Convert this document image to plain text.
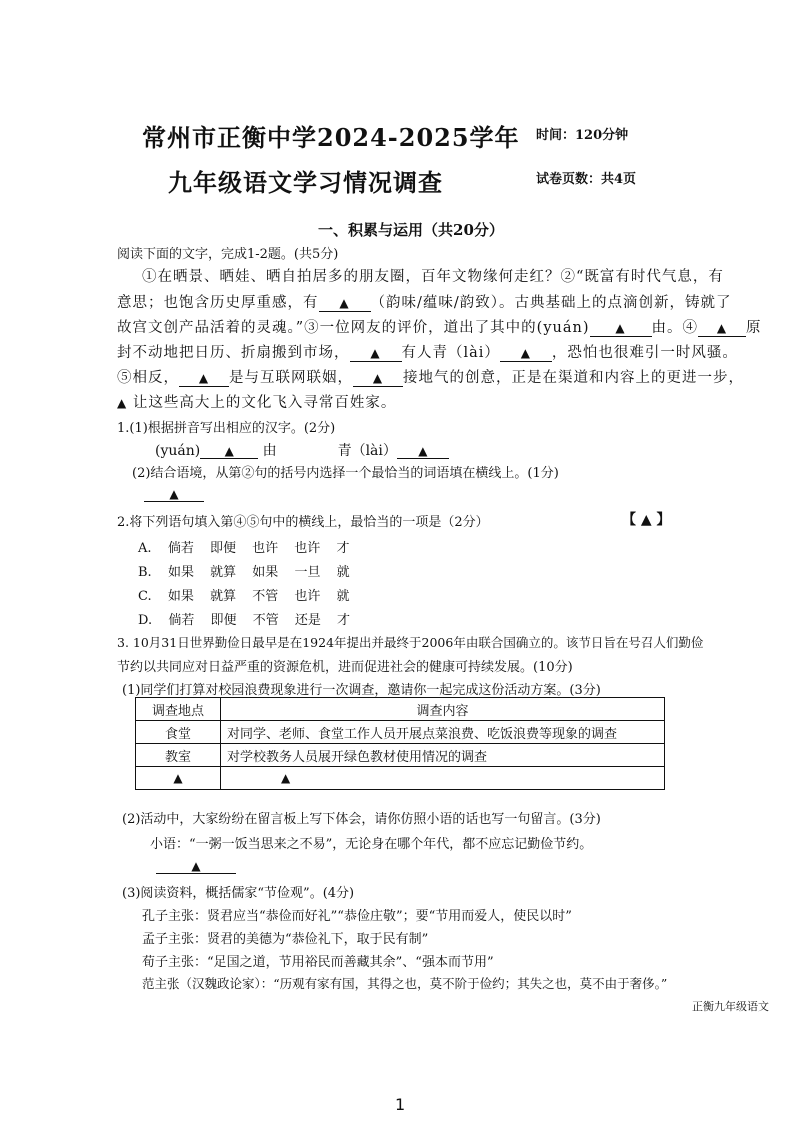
常州市正衡中学2024-2025学年
九年级语文学习情况调查
时间：120分钟
试卷页数：共4页
一、积累与运用（共20分）
阅读下面的文字，完成1-2题。(共5分)
①在晒景、晒娃、晒自拍居多的朋友圈，百年文物缘何走红？②“既富有时代气息，有
意思；也饱含历史厚重感，有 ▲ （韵味/蕴味/韵致）。古典基础上的点滴创新，铸就了
故宫文创产品活着的灵魂。”③一位网友的评价，道出了其中的(yuán) ▲ 由。④ ▲ 原
封不动地把日历、折扇搬到市场， ▲ 有人青（lài） ▲ ，恐怕也很难引一时风骚。
⑤相反， ▲ 是与互联网联姻， ▲ 接地气的创意，正是在渠道和内容上的更进一步，
▲ 让这些高大上的文化飞入寻常百姓家。
1.(1)根据拼音写出相应的汉字。(2分)
(yuán) ▲ 由	青（lài） ▲
(2)结合语境，从第②句的括号内选择一个最恰当的词语填在横线上。(1分)
▲
2.将下列语句填入第④⑤句中的横线上，最恰当的一项是（2分）	【 ▲ 】
A. 倘若 即便 也许 也许 才
B. 如果 就算 如果 一旦 就
C. 如果 就算 不管 也许 就
D. 倘若 即便 不管 还是 才
3. 10月31日世界勤俭日最早是在1924年提出并最终于2006年由联合国确立的。该节日旨在号召人们勤俭
节约以共同应对日益严重的资源危机，进而促进社会的健康可持续发展。(10分)
(1)同学们打算对校园浪费现象进行一次调查，邀请你一起完成这份活动方案。(3分)
调查地点	调查内容
食堂	对同学、老师、食堂工作人员开展点菜浪费、吃饭浪费等现象的调查
教室	对学校教务人员展开绿色教材使用情况的调查
▲	▲
(2)活动中，大家纷纷在留言板上写下体会，请你仿照小语的话也写一句留言。(3分)
小语：“一粥一饭当思来之不易”，无论身在哪个年代，都不应忘记勤俭节约。
▲
(3)阅读资料，概括儒家“节俭观”。(4分)
孔子主张：贤君应当“恭俭而好礼”“恭俭庄敬”；要“节用而爱人，使民以时”
孟子主张：贤君的美德为“恭俭礼下，取于民有制”
荀子主张：“足国之道，节用裕民而善藏其余”、“强本而节用”
范主张（汉魏政论家）：“历观有家有国，其得之也，莫不阶于俭约；其失之也，莫不由于奢侈。”
正衡九年级语文
1
